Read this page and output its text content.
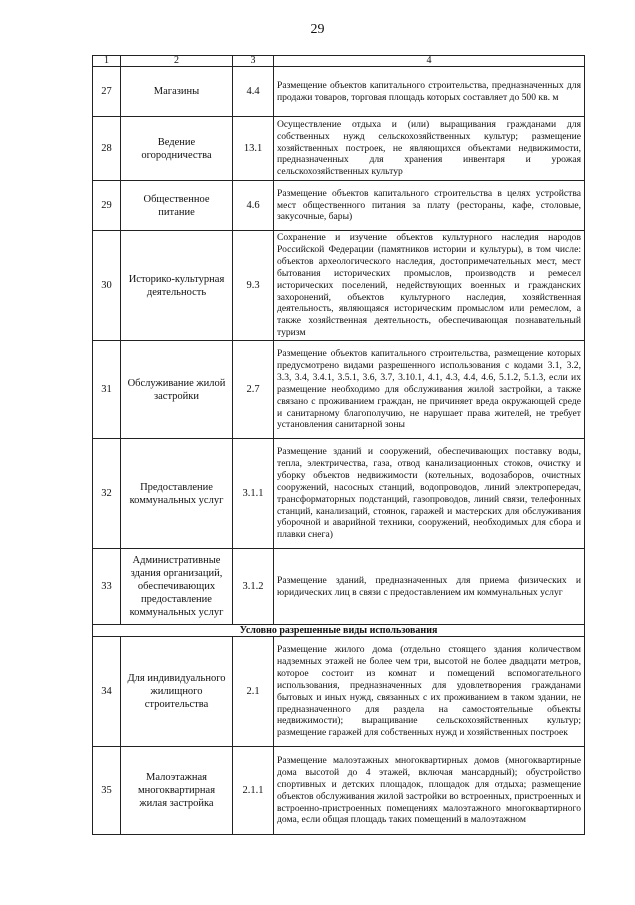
29
1	2	3	4
27	Магазины	4.4	Размещение объектов капитального строительства, предназначенных для продажи товаров, торговая площадь которых составляет до 500 кв. м
28	Ведение огородничества	13.1	Осуществление отдыха и (или) выращивания гражданами для собственных нужд сельскохозяйственных культур; размещение хозяйственных построек, не являющихся объектами недвижимости, предназначенных для хранения инвентаря и урожая сельскохозяйственных культур
29	Общественное питание	4.6	Размещение объектов капитального строительства в целях устройства мест общественного питания за плату (рестораны, кафе, столовые, закусочные, бары)
30	Историко-культурная деятельность	9.3	Сохранение и изучение объектов культурного наследия народов Российской Федерации (памятников истории и культуры), в том числе: объектов археологического наследия, достопримечательных мест, мест бытования исторических промыслов, производств и ремесел исторических поселений, недействующих военных и гражданских захоронений, объектов культурного наследия, хозяйственная деятельность, являющаяся историческим промыслом или ремеслом, а также хозяйственная деятельность, обеспечивающая познавательный туризм
31	Обслуживание жилой застройки	2.7	Размещение объектов капитального строительства, размещение которых предусмотрено видами разрешенного использования с кодами 3.1, 3.2, 3.3, 3.4, 3.4.1, 3.5.1, 3.6, 3.7, 3.10.1, 4.1, 4.3, 4.4, 4.6, 5.1.2, 5.1.3, если их размещение необходимо для обслуживания жилой застройки, а также связано с проживанием граждан, не причиняет вреда окружающей среде и санитарному благополучию, не нарушает права жителей, не требует установления санитарной зоны
32	Предоставление коммунальных услуг	3.1.1	Размещение зданий и сооружений, обеспечивающих поставку воды, тепла, электричества, газа, отвод канализационных стоков, очистку и уборку объектов недвижимости (котельных, водозаборов, очистных сооружений, насосных станций, водопроводов, линий электропередач, трансформаторных подстанций, газопроводов, линий связи, телефонных станций, канализаций, стоянок, гаражей и мастерских для обслуживания уборочной и аварийной техники, сооружений, необходимых для сбора и плавки снега)
33	Административные здания организаций, обеспечивающих предоставление коммунальных услуг	3.1.2	Размещение зданий, предназначенных для приема физических и юридических лиц в связи с предоставлением им коммунальных услуг
Условно разрешенные виды использования			
34	Для индивидуального жилищного строительства	2.1	Размещение жилого дома (отдельно стоящего здания количеством надземных этажей не более чем три, высотой не более двадцати метров, которое состоит из комнат и помещений вспомогательного использования, предназначенных для удовлетворения гражданами бытовых и иных нужд, связанных с их проживанием в таком здании, не предназначенного для раздела на самостоятельные объекты недвижимости); выращивание сельскохозяйственных культур; размещение гаражей для собственных нужд и хозяйственных построек
35	Малоэтажная многоквартирная жилая застройка	2.1.1	Размещение малоэтажных многоквартирных домов (многоквартирные дома высотой до 4 этажей, включая мансардный); обустройство спортивных и детских площадок, площадок для отдыха; размещение объектов обслуживания жилой застройки во встроенных, пристроенных и встроенно-пристроенных помещениях малоэтажного многоквартирного дома, если общая площадь таких помещений в малоэтажном
